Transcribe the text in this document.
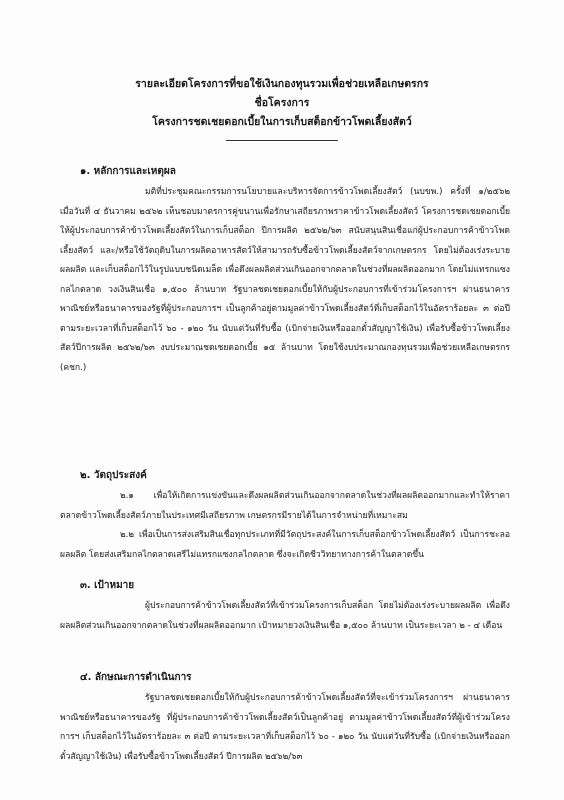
รายละเอียดโครงการที่ขอใช้เงินกองทุนรวมเพื่อช่วยเหลือเกษตรกร
ชื่อโครงการ
โครงการชดเชยดอกเบี้ยในการเก็บสต็อกข้าวโพดเลี้ยงสัตว์
๑. หลักการและเหตุผล

มติที่ประชุมคณะกรรมการนโยบายและบริหารจัดการข้าวโพดเลี้ยงสัตว์ (นบขพ.) ครั้งที่ ๑/๒๕๖๒ เมื่อวันที่ ๔ ธันวาคม ๒๕๖๒ เห็นชอบมาตรการคู่ขนานเพื่อรักษาเสถียรภาพราคาข้าวโพดเลี้ยงสัตว์ โครงการชดเชยดอกเบี้ยให้ผู้ประกอบการค้าข้าวโพดเลี้ยงสัตว์ในการเก็บสต็อก ปีการผลิต ๒๕๖๒/๖๓ สนับสนุนสินเชื่อแก่ผู้ประกอบการค้าข้าวโพดเลี้ยงสัตว์ และ/หรือใช้วัตถุดิบในการผลิตอาหารสัตว์ให้สามารถรับซื้อข้าวโพดเลี้ยงสัตว์จากเกษตรกร โดยไม่ต้องเร่งระบายผลผลิต และเก็บสต็อกไว้ในรูปแบบชนิดเมล็ด เพื่อดึงผลผลิตส่วนเกินออกจากตลาดในช่วงที่ผลผลิตออกมาก โดยไม่แทรกแซงกลไกตลาด วงเงินสินเชื่อ ๑,๕๐๐ ล้านบาท รัฐบาลชดเชยดอกเบี้ยให้กับผู้ประกอบการที่เข้าร่วมโครงการฯ ผ่านธนาคารพาณิชย์หรือธนาคารของรัฐที่ผู้ประกอบการฯ เป็นลูกค้าอยู่ตามมูลค่าข้าวโพดเลี้ยงสัตว์ที่เก็บสต็อกไว้ในอัตราร้อยละ ๓ ต่อปี ตามระยะเวลาที่เก็บสต็อกไว้ ๖๐ - ๑๒๐ วัน นับแต่วันที่รับซื้อ (เบิกจ่ายเงินหรือออกตั๋วสัญญาใช้เงิน) เพื่อรับซื้อข้าวโพดเลี้ยงสัตว์ปีการผลิต ๒๕๖๒/๖๓ งบประมาณชดเชยดอกเบี้ย ๑๕ ล้านบาท โดยใช้งบประมาณกองทุนรวมเพื่อช่วยเหลือเกษตรกร (คชก.)

๒. วัตถุประสงค์

๒.๑ เพื่อให้เกิดการแข่งขันและดึงผลผลิตส่วนเกินออกจากตลาดในช่วงที่ผลผลิตออกมากและทำให้ราคาตลาดข้าวโพดเลี้ยงสัตว์ภายในประเทศมีเสถียรภาพ เกษตรกรมีรายได้ในการจำหน่ายที่เหมาะสม

๒.๒ เพื่อเป็นการส่งเสริมสินเชื่อทุกประเภทที่มีวัตถุประสงค์ในการเก็บสต็อกข้าวโพดเลี้ยงสัตว์ เป็นการชะลอผลผลิต โดยส่งเสริมกลไกตลาดเสรีไม่แทรกแซงกลไกตลาด ซึ่งจะเกิดชีววิทยาทางการค้าในตลาดขึ้น

๓. เป้าหมาย

ผู้ประกอบการค้าข้าวโพดเลี้ยงสัตว์ที่เข้าร่วมโครงการเก็บสต็อก โดยไม่ต้องเร่งระบายผลผลิต เพื่อดึงผลผลิตส่วนเกินออกจากตลาดในช่วงที่ผลผลิตออกมาก เป้าหมายวงเงินสินเชื่อ ๑,๕๐๐ ล้านบาท เป็นระยะเวลา ๒ - ๔ เดือน

๔. ลักษณะการดำเนินการ

รัฐบาลชดเชยดอกเบี้ยให้กับผู้ประกอบการค้าข้าวโพดเลี้ยงสัตว์ที่จะเข้าร่วมโครงการฯ ผ่านธนาคารพาณิชย์หรือธนาคารของรัฐ ที่ผู้ประกอบการค้าข้าวโพดเลี้ยงสัตว์เป็นลูกค้าอยู่ ตามมูลค่าข้าวโพดเลี้ยงสัตว์ที่ผู้เข้าร่วมโครงการฯ เก็บสต็อกไว้ในอัตราร้อยละ ๓ ต่อปี ตามระยะเวลาที่เก็บสต็อกไว้ ๖๐ - ๑๒๐ วัน นับแต่วันที่รับซื้อ (เบิกจ่ายเงินหรือออกตั๋วสัญญาใช้เงิน) เพื่อรับซื้อข้าวโพดเลี้ยงสัตว์ ปีการผลิต ๒๕๖๒/๖๓
